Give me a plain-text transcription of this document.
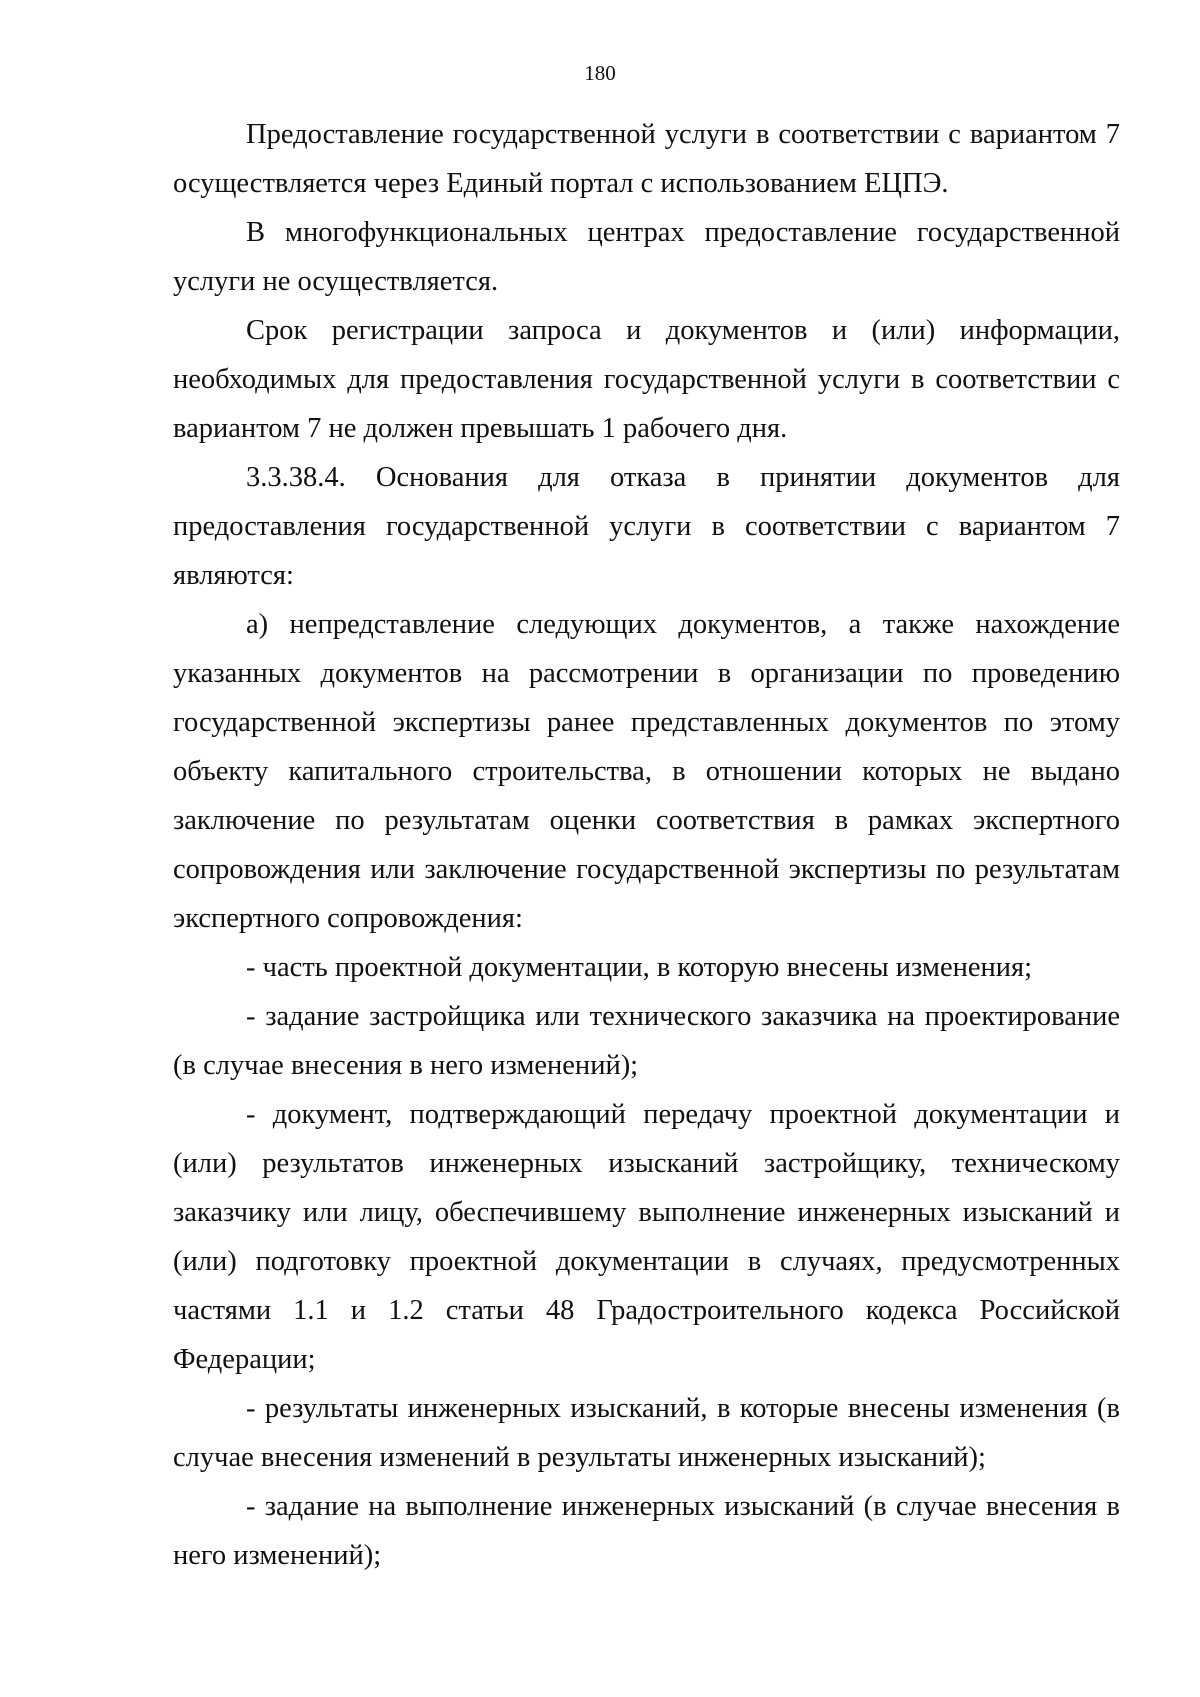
180

Предоставление государственной услуги в соответствии с вариантом 7 осуществляется через Единый портал с использованием ЕЦПЭ.

В многофункциональных центрах предоставление государственной услуги не осуществляется.

Срок регистрации запроса и документов и (или) информации, необходимых для предоставления государственной услуги в соответствии с вариантом 7 не должен превышать 1 рабочего дня.

3.3.38.4. Основания для отказа в принятии документов для предоставления государственной услуги в соответствии с вариантом 7 являются:

а) непредставление следующих документов, а также нахождение указанных документов на рассмотрении в организации по проведению государственной экспертизы ранее представленных документов по этому объекту капитального строительства, в отношении которых не выдано заключение по результатам оценки соответствия в рамках экспертного сопровождения или заключение государственной экспертизы по результатам экспертного сопровождения:

- часть проектной документации, в которую внесены изменения;

- задание застройщика или технического заказчика на проектирование (в случае внесения в него изменений);

- документ, подтверждающий передачу проектной документации и (или) результатов инженерных изысканий застройщику, техническому заказчику или лицу, обеспечившему выполнение инженерных изысканий и (или) подготовку проектной документации в случаях, предусмотренных частями 1.1 и 1.2 статьи 48 Градостроительного кодекса Российской Федерации;

- результаты инженерных изысканий, в которые внесены изменения (в случае внесения изменений в результаты инженерных изысканий);

- задание на выполнение инженерных изысканий (в случае внесения в него изменений);
